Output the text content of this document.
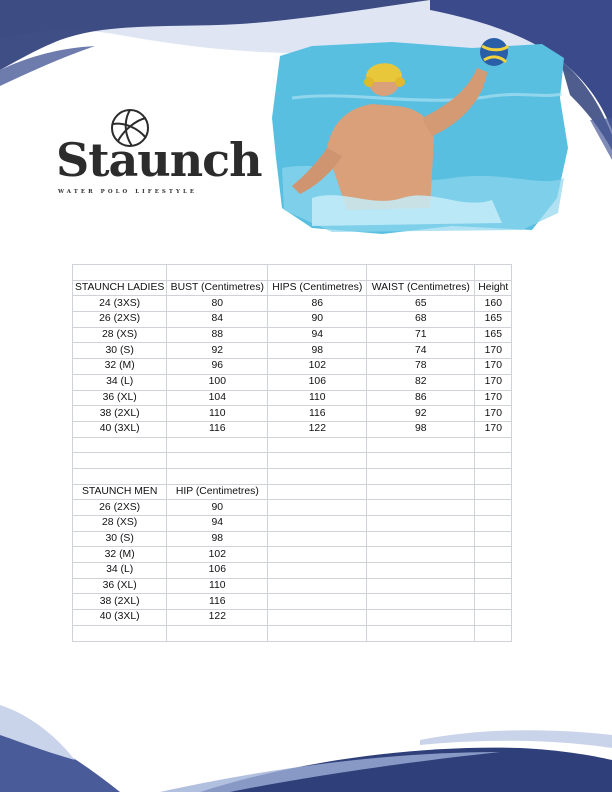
Staunch
WATER POLO LIFESTYLE

STAUNCH LADIES	BUST (Centimetres)	HIPS (Centimetres)	WAIST (Centimetres)	Height
24 (3XS)	80	86	65	160
26 (2XS)	84	90	68	165
28 (XS)	88	94	71	165
30 (S)	92	98	74	170
32 (M)	96	102	78	170
34 (L)	100	106	82	170
36 (XL)	104	110	86	170
38 (2XL)	110	116	92	170
40 (3XL)	116	122	98	170

STAUNCH MEN	HIP (Centimetres)			
26 (2XS)	90			
28 (XS)	94			
30 (S)	98			
32 (M)	102			
34 (L)	106			
36 (XL)	110			
38 (2XL)	116			
40 (3XL)	122			
